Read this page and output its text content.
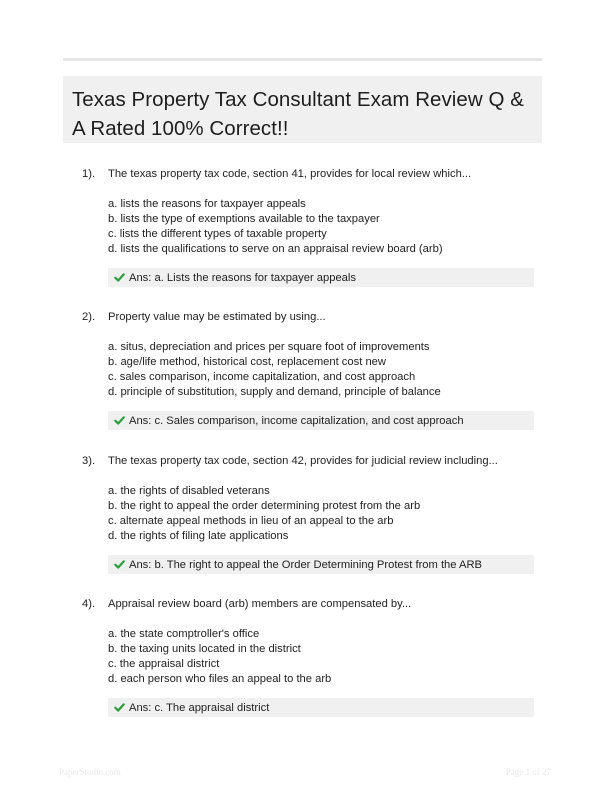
Texas Property Tax Consultant Exam Review Q & A Rated 100% Correct!!
1). The texas property tax code, section 41, provides for local review which...
a. lists the reasons for taxpayer appeals
b. lists the type of exemptions available to the taxpayer
c. lists the different types of taxable property
d. lists the qualifications to serve on an appraisal review board (arb)
Ans: a. Lists the reasons for taxpayer appeals
2). Property value may be estimated by using...
a. situs, depreciation and prices per square foot of improvements
b. age/life method, historical cost, replacement cost new
c. sales comparison, income capitalization, and cost approach
d. principle of substitution, supply and demand, principle of balance
Ans: c. Sales comparison, income capitalization, and cost approach
3). The texas property tax code, section 42, provides for judicial review including...
a. the rights of disabled veterans
b. the right to appeal the order determining protest from the arb
c. alternate appeal methods in lieu of an appeal to the arb
d. the rights of filing late applications
Ans: b. The right to appeal the Order Determining Protest from the ARB
4). Appraisal review board (arb) members are compensated by...
a. the state comptroller's office
b. the taxing units located in the district
c. the appraisal district
d. each person who files an appeal to the arb
Ans: c. The appraisal district
PaperStudio.com	Page 1 of 27
